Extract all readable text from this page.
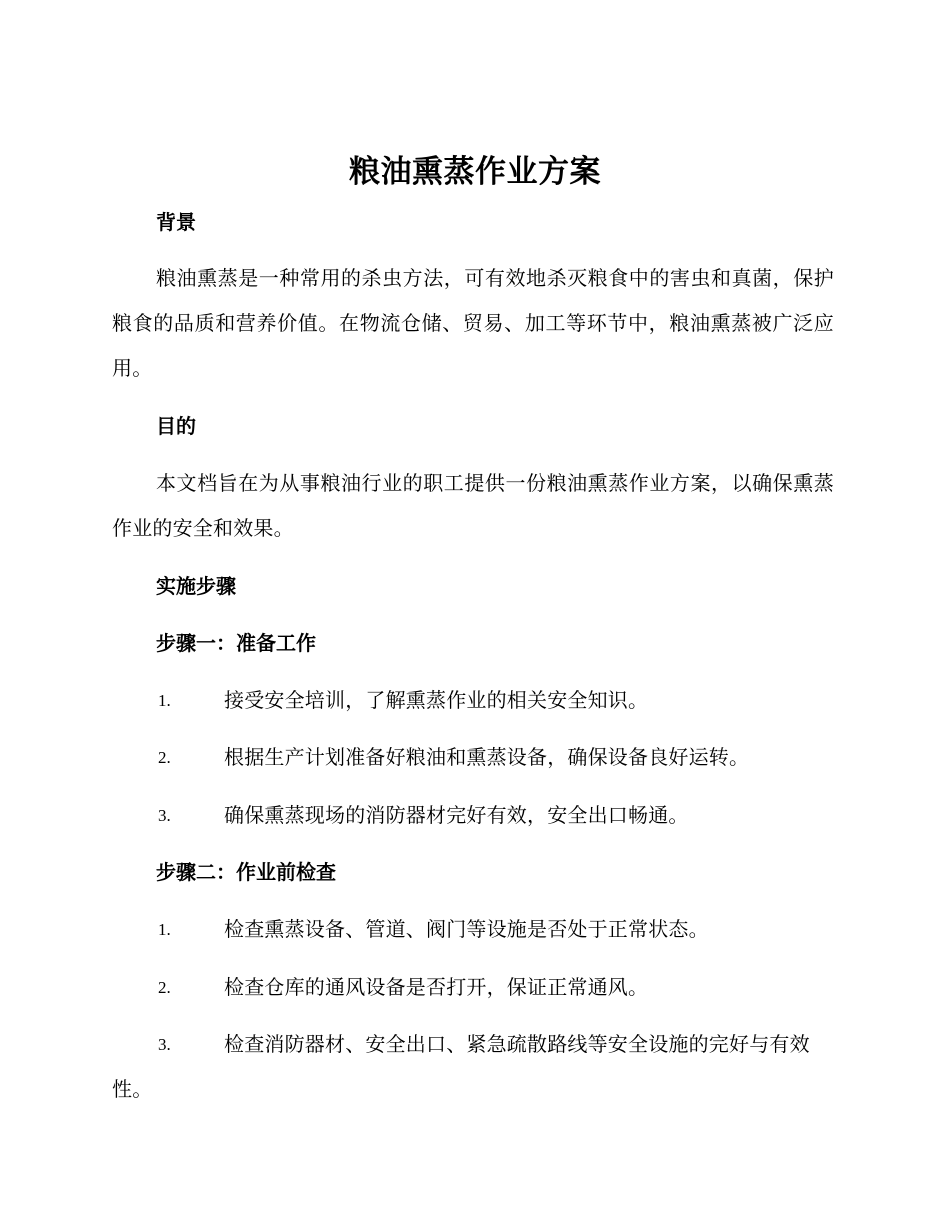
粮油熏蒸作业方案
背景
粮油熏蒸是一种常用的杀虫方法，可有效地杀灭粮食中的害虫和真菌，保护粮食的品质和营养价值。在物流仓储、贸易、加工等环节中，粮油熏蒸被广泛应用。
目的
本文档旨在为从事粮油行业的职工提供一份粮油熏蒸作业方案，以确保熏蒸作业的安全和效果。
实施步骤
步骤一：准备工作
1.	接受安全培训，了解熏蒸作业的相关安全知识。
2.	根据生产计划准备好粮油和熏蒸设备，确保设备良好运转。
3.	确保熏蒸现场的消防器材完好有效，安全出口畅通。
步骤二：作业前检查
1.	检查熏蒸设备、管道、阀门等设施是否处于正常状态。
2.	检查仓库的通风设备是否打开，保证正常通风。
3.	检查消防器材、安全出口、紧急疏散路线等安全设施的完好与有效性。
